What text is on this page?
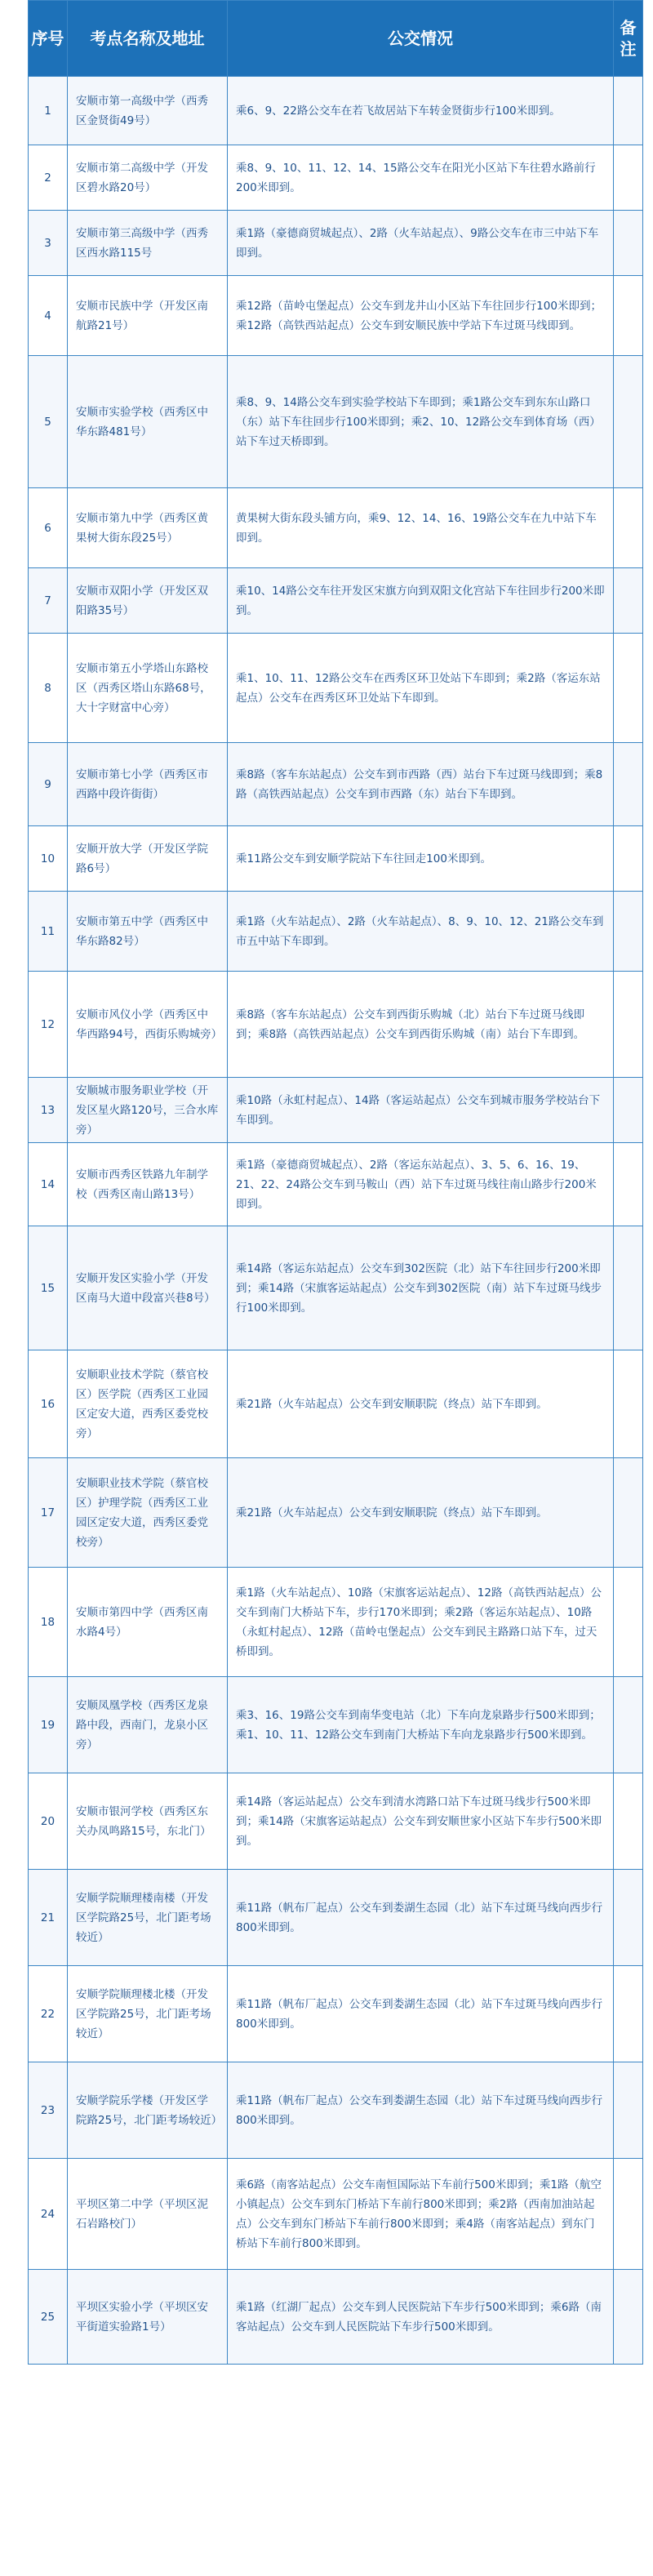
序号	考点名称及地址	公交情况	备注
1	安顺市第一高级中学（西秀区金贤街49号）	乘6、9、22路公交车在若飞故居站下车转金贤街步行100米即到。	
2	安顺市第二高级中学（开发区碧水路20号）	乘8、9、10、11、12、14、15路公交车在阳光小区站下车往碧水路前行200米即到。	
3	安顺市第三高级中学（西秀区西水路115号	乘1路（豪德商贸城起点）、2路（火车站起点）、9路公交车在市三中站下车即到。	
4	安顺市民族中学（开发区南航路21号）	乘12路（苗岭屯堡起点）公交车到龙井山小区站下车往回步行100米即到；乘12路（高铁西站起点）公交车到安顺民族中学站下车过斑马线即到。	
5	安顺市实验学校（西秀区中华东路481号）	乘8、9、14路公交车到实验学校站下车即到；乘1路公交车到东东山路口（东）站下车往回步行100米即到；乘2、10、12路公交车到体育场（西）站下车过天桥即到。	
6	安顺市第九中学（西秀区黄果树大街东段25号）	黄果树大街东段头铺方向，乘9、12、14、16、19路公交车在九中站下车即到。	
7	安顺市双阳小学（开发区双阳路35号）	乘10、14路公交车往开发区宋旗方向到双阳文化宫站下车往回步行200米即到。	
8	安顺市第五小学塔山东路校区（西秀区塔山东路68号，大十字财富中心旁）	乘1、10、11、12路公交车在西秀区环卫处站下车即到；乘2路（客运东站起点）公交车在西秀区环卫处站下车即到。	
9	安顺市第七小学（西秀区市西路中段许街街）	乘8路（客车东站起点）公交车到市西路（西）站台下车过斑马线即到；乘8路（高铁西站起点）公交车到市西路（东）站台下车即到。	
10	安顺开放大学（开发区学院路6号）	乘11路公交车到安顺学院站下车往回走100米即到。	
11	安顺市第五中学（西秀区中华东路82号）	乘1路（火车站起点）、2路（火车站起点）、8、9、10、12、21路公交车到市五中站下车即到。	
12	安顺市风仪小学（西秀区中华西路94号，西街乐购城旁）	乘8路（客车东站起点）公交车到西街乐购城（北）站台下车过斑马线即到；乘8路（高铁西站起点）公交车到西街乐购城（南）站台下车即到。	
13	安顺城市服务职业学校（开发区星火路120号，三合水库旁）	乘10路（永虹村起点）、14路（客运站起点）公交车到城市服务学校站台下车即到。	
14	安顺市西秀区铁路九年制学校（西秀区南山路13号）	乘1路（豪德商贸城起点）、2路（客运东站起点）、3、5、6、16、19、21、22、24路公交车到马鞍山（西）站下车过斑马线往南山路步行200米即到。	
15	安顺开发区实验小学（开发区南马大道中段富兴巷8号）	乘14路（客运东站起点）公交车到302医院（北）站下车往回步行200米即到；乘14路（宋旗客运站起点）公交车到302医院（南）站下车过斑马线步行100米即到。	
16	安顺职业技术学院（蔡官校区）医学院（西秀区工业园区定安大道，西秀区委党校旁）	乘21路（火车站起点）公交车到安顺职院（终点）站下车即到。	
17	安顺职业技术学院（蔡官校区）护理学院（西秀区工业园区定安大道，西秀区委党校旁）	乘21路（火车站起点）公交车到安顺职院（终点）站下车即到。	
18	安顺市第四中学（西秀区南水路4号）	乘1路（火车站起点）、10路（宋旗客运站起点）、12路（高铁西站起点）公交车到南门大桥站下车，步行170米即到；乘2路（客运东站起点）、10路（永虹村起点）、12路（苗岭屯堡起点）公交车到民主路路口站下车，过天桥即到。	
19	安顺凤凰学校（西秀区龙泉路中段，西南门，龙泉小区旁）	乘3、16、19路公交车到南华变电站（北）下车向龙泉路步行500米即到；乘1、10、11、12路公交车到南门大桥站下车向龙泉路步行500米即到。	
20	安顺市银河学校（西秀区东关办凤鸣路15号，东北门）	乘14路（客运站起点）公交车到清水湾路口站下车过斑马线步行500米即到；乘14路（宋旗客运站起点）公交车到安顺世家小区站下车步行500米即到。	
21	安顺学院顺理楼南楼（开发区学院路25号，北门距考场较近）	乘11路（帆布厂起点）公交车到娄湖生态园（北）站下车过斑马线向西步行800米即到。	
22	安顺学院顺理楼北楼（开发区学院路25号，北门距考场较近）	乘11路（帆布厂起点）公交车到娄湖生态园（北）站下车过斑马线向西步行800米即到。	
23	安顺学院乐学楼（开发区学院路25号，北门距考场较近）	乘11路（帆布厂起点）公交车到娄湖生态园（北）站下车过斑马线向西步行800米即到。	
24	平坝区第二中学（平坝区泥石岩路校门）	乘6路（南客站起点）公交车南恒国际站下车前行500米即到；乘1路（航空小镇起点）公交车到东门桥站下车前行800米即到；乘2路（西南加油站起点）公交车到东门桥站下车前行800米即到；乘4路（南客站起点）到东门桥站下车前行800米即到。	
25	平坝区实验小学（平坝区安平街道实验路1号）	乘1路（红湖厂起点）公交车到人民医院站下车步行500米即到；乘6路（南客站起点）公交车到人民医院站下车步行500米即到。	
